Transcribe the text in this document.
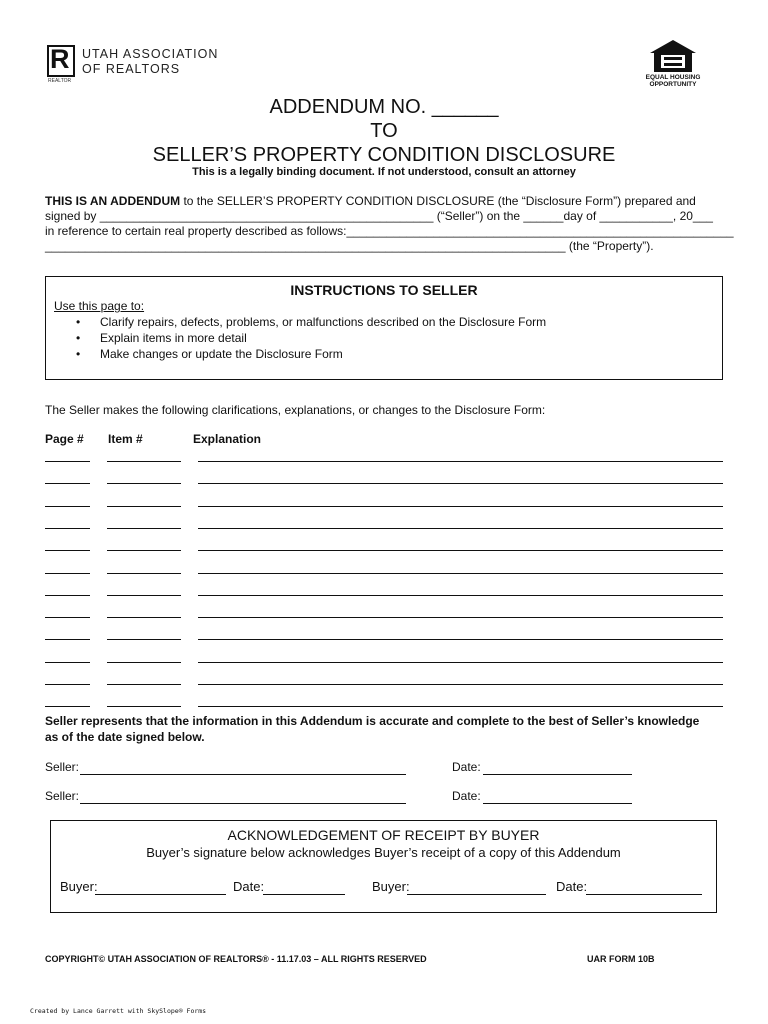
R UTAH ASSOCIATION
OF REALTORS
REALTOR	EQUAL HOUSING
OPPORTUNITY
ADDENDUM NO. ______
TO
SELLER’S PROPERTY CONDITION DISCLOSURE
This is a legally binding document. If not understood, consult an attorney
THIS IS AN ADDENDUM to the SELLER’S PROPERTY CONDITION DISCLOSURE (the “Disclosure Form”) prepared and
signed by __________________________________________________ (“Seller”) on the ______day of ___________, 20___
in reference to certain real property described as follows:__________________________________________________________
______________________________________________________________________________ (the “Property”).
INSTRUCTIONS TO SELLER
Use this page to:
• Clarify repairs, defects, problems, or malfunctions described on the Disclosure Form
• Explain items in more detail
• Make changes or update the Disclosure Form
The Seller makes the following clarifications, explanations, or changes to the Disclosure Form:
Page # Item #	Explanation
Seller represents that the information in this Addendum is accurate and complete to the best of Seller’s knowledge
as of the date signed below.
Seller:	Date:
Seller:	Date:
ACKNOWLEDGEMENT OF RECEIPT BY BUYER
Buyer’s signature below acknowledges Buyer’s receipt of a copy of this Addendum
Buyer:	Date:	Buyer:	Date:
COPYRIGHT© UTAH ASSOCIATION OF REALTORS® - 11.17.03 – ALL RIGHTS RESERVED	UAR FORM 10B
Created by Lance Garrett with SkySlope® Forms
